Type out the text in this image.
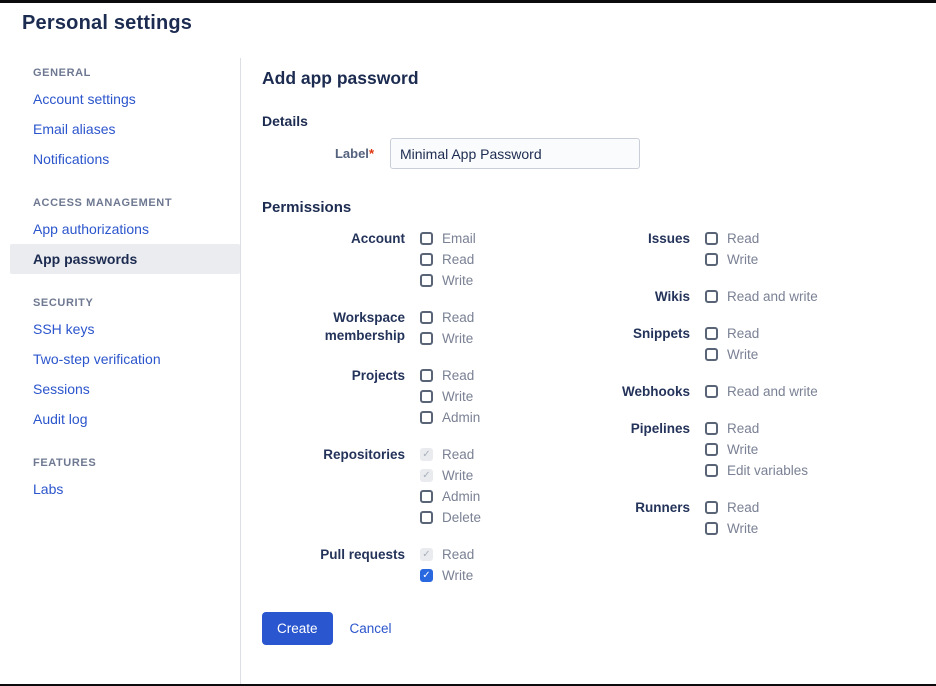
Personal settings
GENERAL
Account settings
Email aliases
Notifications
ACCESS MANAGEMENT
App authorizations
App passwords
SECURITY
SSH keys
Two-step verification
Sessions
Audit log
FEATURES
Labs
Add app password
Details
Label*
Minimal App Password
Permissions
Account	Email
Read
Write
Workspace membership
Read
Write
Projects	Read
Write
Admin
Repositories ✓	Read
✓
Write
Admin
Delete
Pull requests ✓	Read
✓
Write
Issues	Read
Write
Wikis	Read and write
Snippets	Read
Write
Webhooks	Read and write
Pipelines	Read
Write
Edit variables
Runners	Read
Write
Create	Cancel
